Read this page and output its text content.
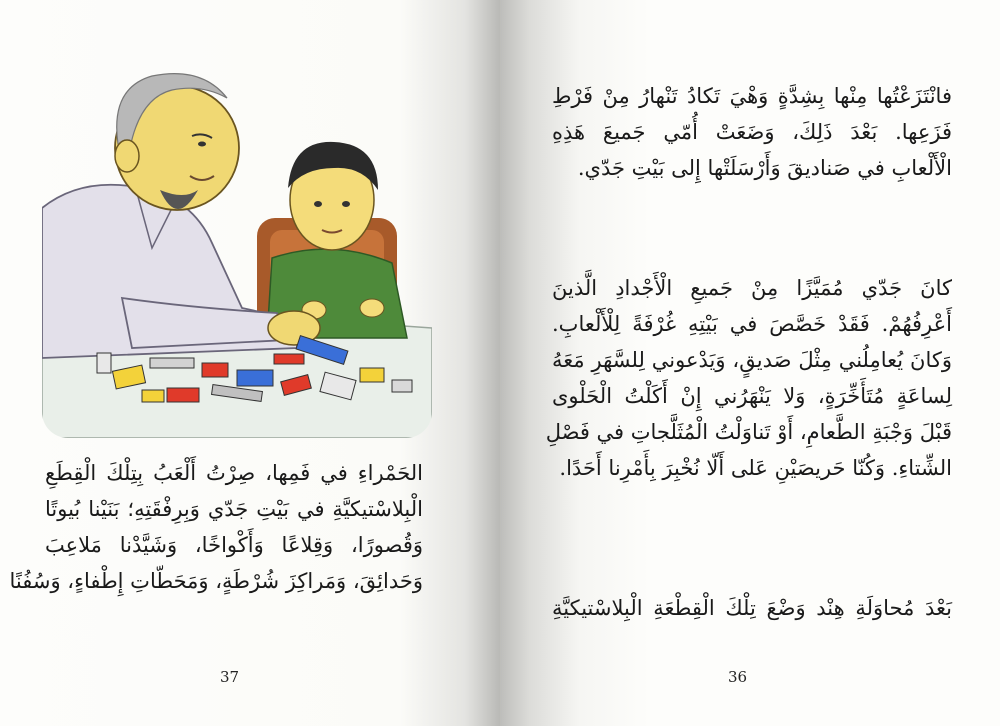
الحَمْراءِ في فَمِها، صِرْتُ أَلْعَبُ بِتِلْكَ الْقِطَعِ
الْبِلاسْتيكيَّةِ في بَيْتِ جَدّي وَبِرِفْقَتِهِ؛ بَنَيْنا بُيوتًا
وَقُصورًا، وَقِلاعًا وَأَكْواخًا، وَشَيَّدْنا مَلاعِبَ
وَحَدائِقَ، وَمَراكِزَ شُرْطَةٍ، وَمَحَطّاتِ إِطْفاءٍ، وَسُفُنًا
37
فانْتَزَعْتُها مِنْها بِشِدَّةٍ وَهْيَ تَكادُ تَنْهارُ مِنْ فَرْطِ
فَزَعِها. بَعْدَ ذَلِكَ، وَضَعَتْ أُمّي جَميعَ هَذِهِ
الْأَلْعابِ في صَناديقَ وَأَرْسَلَتْها إِلى بَيْتِ جَدّي.
كانَ جَدّي مُمَيَّزًا مِنْ جَميعِ الْأَجْدادِ الَّذينَ
أَعْرِفُهُمْ. فَقَدْ خَصَّصَ في بَيْتِهِ غُرْفَةً لِلْأَلْعابِ.
وَكانَ يُعامِلُني مِثْلَ صَديقٍ، وَيَدْعوني لِلسَّهَرِ مَعَهُ
لِساعَةٍ مُتَأَخِّرَةٍ، وَلا يَنْهَرُني إِنْ أَكَلْتُ الْحَلْوى
قَبْلَ وَجْبَةِ الطَّعامِ، أَوْ تَناوَلْتُ الْمُثَلَّجاتِ في فَصْلِ
الشِّتاءِ. وَكُنّا حَريصَيْنِ عَلى أَلّا نُخْبِرَ بِأَمْرِنا أَحَدًا.
بَعْدَ مُحاوَلَةِ هِنْد وَضْعَ تِلْكَ الْقِطْعَةِ الْبِلاسْتيكيَّةِ
36
